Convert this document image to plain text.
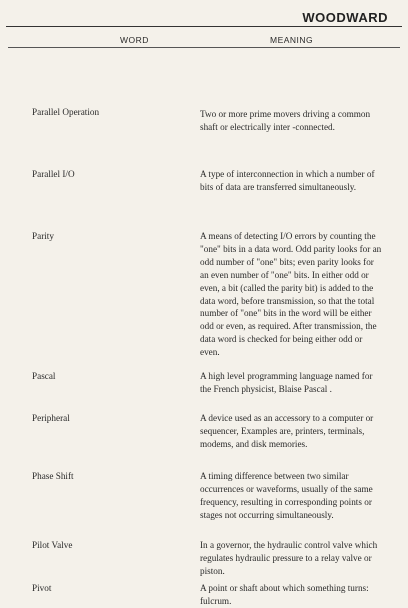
WOODWARD
WORD	MEANING
Parallel Operation	Two or more prime movers driving a common shaft or electrically inter -connected.
Parallel I/O	A type of interconnection in which a number of bits of data are transferred simultaneously.
Parity	A means of detecting I/O errors by counting the "one" bits in a data word. Odd parity looks for an odd number of "one" bits; even parity looks for an even number of "one" bits. In either odd or even, a bit (called the parity bit) is added to the data word, before transmission, so that the total number of "one" bits in the word will be either odd or even, as required. After transmission, the data word is checked for being either odd or even.
Pascal	A high level programming language named for the French physicist, Blaise Pascal .
Peripheral	A device used as an accessory to a computer or sequencer, Examples are, printers, terminals, modems, and disk memories.
Phase Shift	A timing difference between two similar occurrences or waveforms, usually of the same frequency, resulting in corresponding points or stages not occurring simultaneously.
Pilot Valve	In a governor, the hydraulic control valve which regulates hydraulic pressure to a relay valve or piston.
Pivot	A point or shaft about which something turns: fulcrum.
